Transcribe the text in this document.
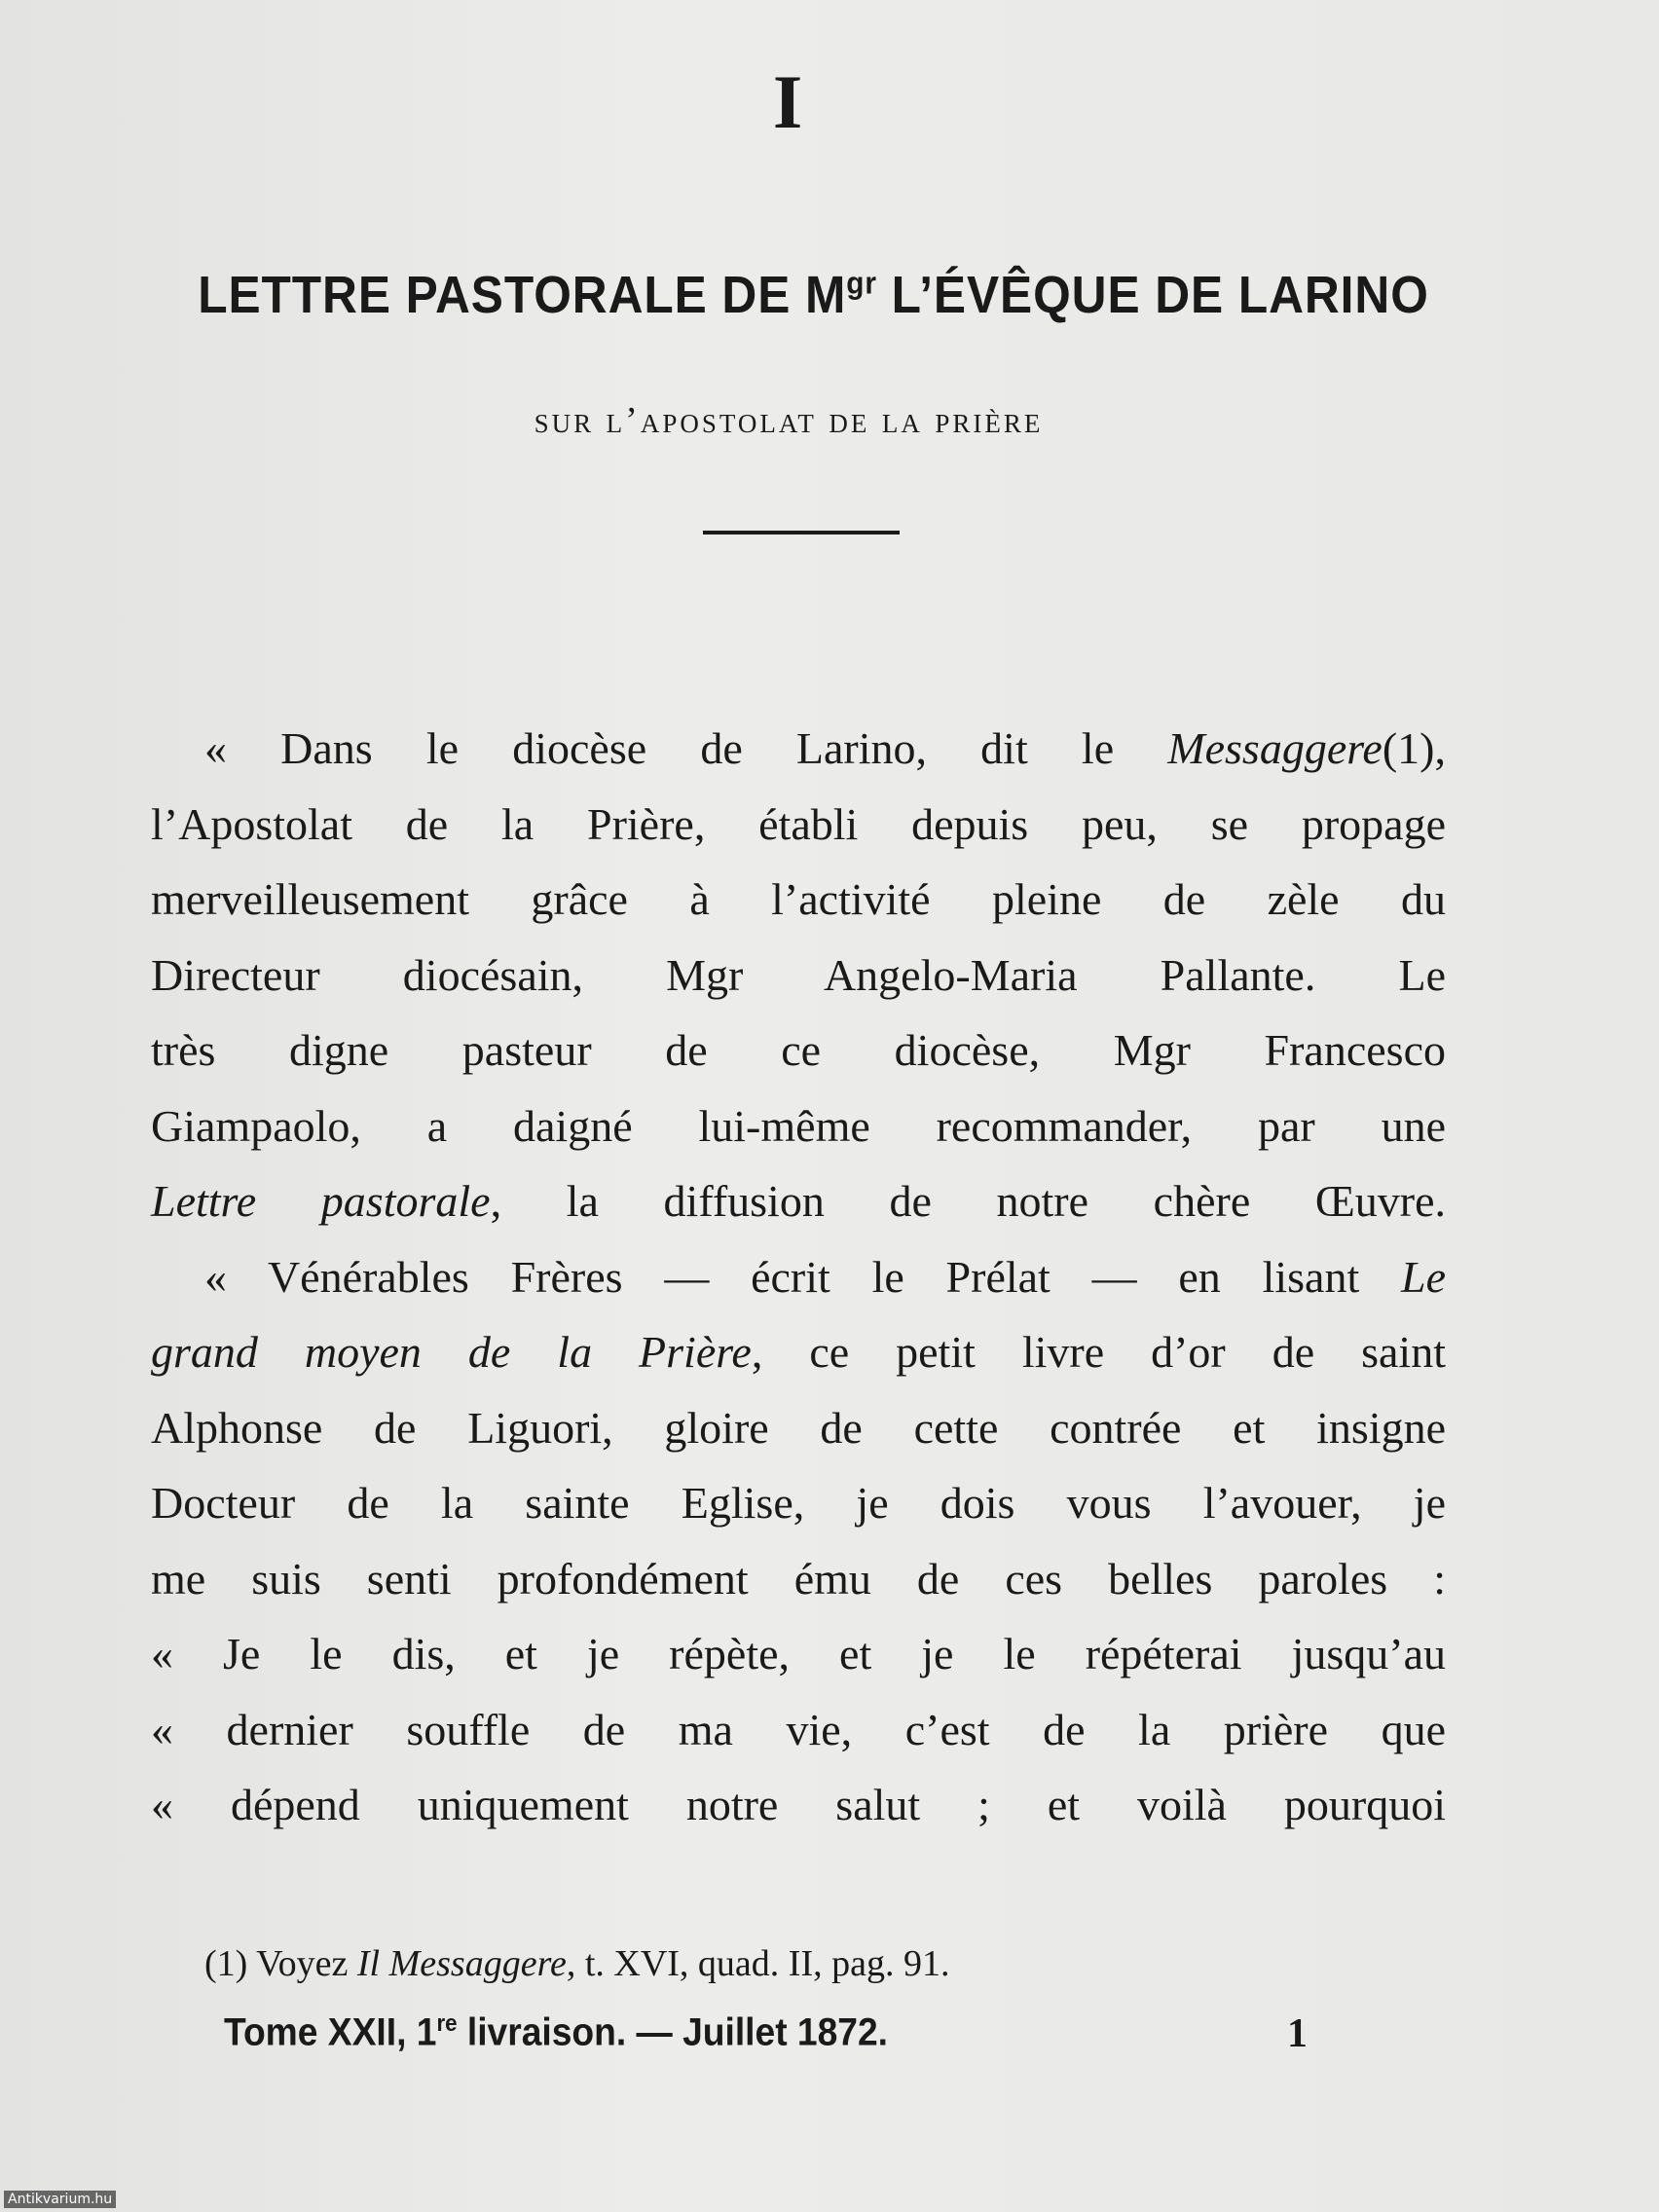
I
LETTRE PASTORALE DE $M^{gr}$ L’ÉVÊQUE DE LARINO
sur l’apostolat de la prière
« Dans le diocèse de Larino, dit le Messaggere(1),
l’Apostolat de la Prière, établi depuis peu, se propage
merveilleusement grâce à l’activité pleine de zèle du
Directeur diocésain, Mgr Angelo-Maria Pallante. Le
très digne pasteur de ce diocèse, Mgr Francesco
Giampaolo, a daigné lui-même recommander, par une
Lettre pastorale, la diffusion de notre chère Œuvre.
« Vénérables Frères — écrit le Prélat — en lisant Le
grand moyen de la Prière, ce petit livre d’or de saint
Alphonse de Liguori, gloire de cette contrée et insigne
Docteur de la sainte Eglise, je dois vous l’avouer, je
me suis senti profondément ému de ces belles paroles :
« Je le dis, et je répète, et je le répéterai jusqu’au
« dernier souffle de ma vie, c’est de la prière que
« dépend uniquement notre salut ; et voilà pourquoi
(1) Voyez Il Messaggere, t. XVI, quad. II, pag. 91.
Tome XXII, 1re livraison. — Juillet 1872.	1
Antikvarium.hu
